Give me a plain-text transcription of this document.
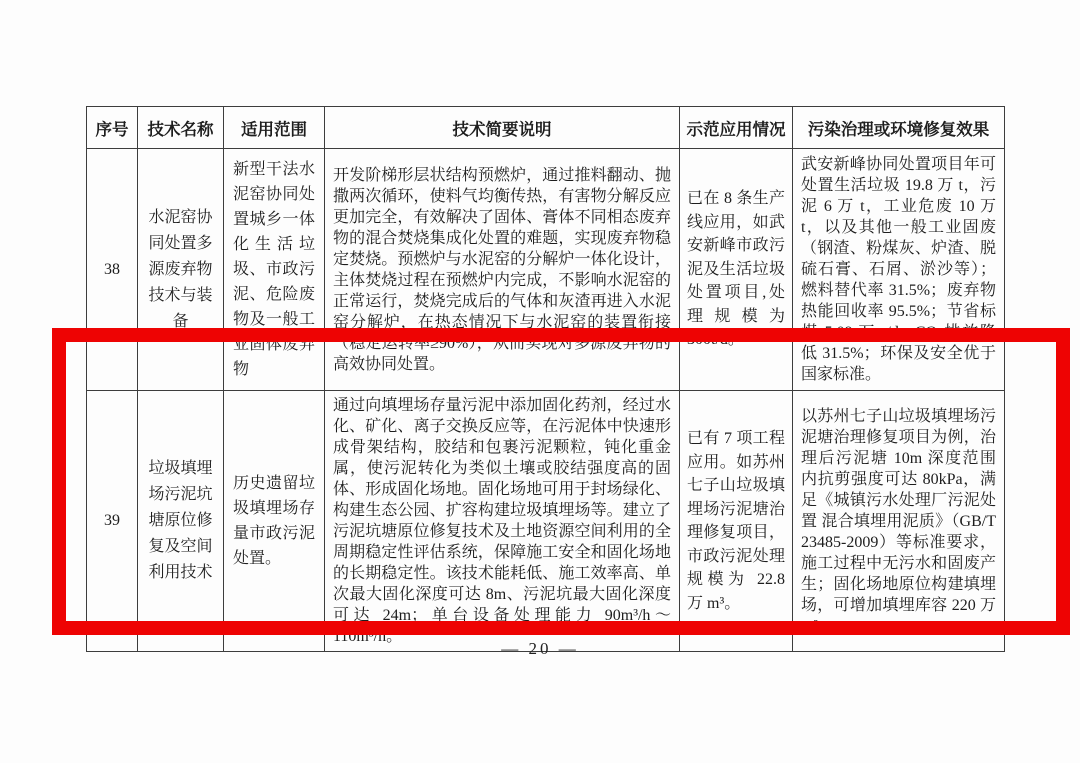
序号	技术名称	适用范围	技术简要说明	示范应用情况	污染治理或环境修复效果
38	水泥窑协同处置多源废弃物技术与装备	新型干法水泥窑协同处置城乡一体化生活垃圾、市政污泥、危险废物及一般工业固体废弃物	开发阶梯形层状结构预燃炉，通过推料翻动、抛撒两次循环，使料气均衡传热，有害物分解反应更加完全，有效解决了固体、膏体不同相态废弃物的混合焚烧集成化处置的难题，实现废弃物稳定焚烧。预燃炉与水泥窑的分解炉一体化设计，主体焚烧过程在预燃炉内完成，不影响水泥窑的正常运行，焚烧完成后的气体和灰渣再进入水泥窑分解炉，在热态情况下与水泥窑的装置衔接（稳定运转率≥90%），从而实现对多源废弃物的高效协同处置。	已在 8 条生产线应用，如武安新峰市政污泥及生活垃圾处置项目,处理规模为 300t/d。	武安新峰协同处置项目年可处置生活垃圾 19.8 万 t，污泥 6 万 t，工业危废 10 万 t，以及其他一般工业固废（钢渣、粉煤灰、炉渣、脱硫石膏、石屑、淤沙等）；燃料替代率 31.5%；废弃物热能回收率 95.5%；节省标煤 5.09 万 t/d；CO₂排放降低 31.5%；环保及安全优于国家标准。
39	垃圾填埋场污泥坑塘原位修复及空间利用技术	历史遗留垃圾填埋场存量市政污泥处置。	通过向填埋场存量污泥中添加固化药剂，经过水化、矿化、离子交换反应等，在污泥体中快速形成骨架结构，胶结和包裹污泥颗粒，钝化重金属，使污泥转化为类似土壤或胶结强度高的固体、形成固化场地。固化场地可用于封场绿化、构建生态公园、扩容构建垃圾填埋场等。建立了污泥坑塘原位修复技术及土地资源空间利用的全周期稳定性评估系统，保障施工安全和固化场地的长期稳定性。该技术能耗低、施工效率高、单次最大固化深度可达 8m、污泥坑最大固化深度可达 24m；单台设备处理能力 90m³/h～110m³/h。	已有 7 项工程应用。如苏州七子山垃圾填埋场污泥塘治理修复项目，市政污泥处理规模为 22.8 万 m³。	以苏州七子山垃圾填埋场污泥塘治理修复项目为例，治理后污泥塘 10m 深度范围内抗剪强度可达 80kPa，满足《城镇污水处理厂污泥处置 混合填埋用泥质》（GB/T 23485-2009）等标准要求，施工过程中无污水和固废产生；固化场地原位构建填埋场，可增加填埋库容 220 万 m³。
— 20 —
